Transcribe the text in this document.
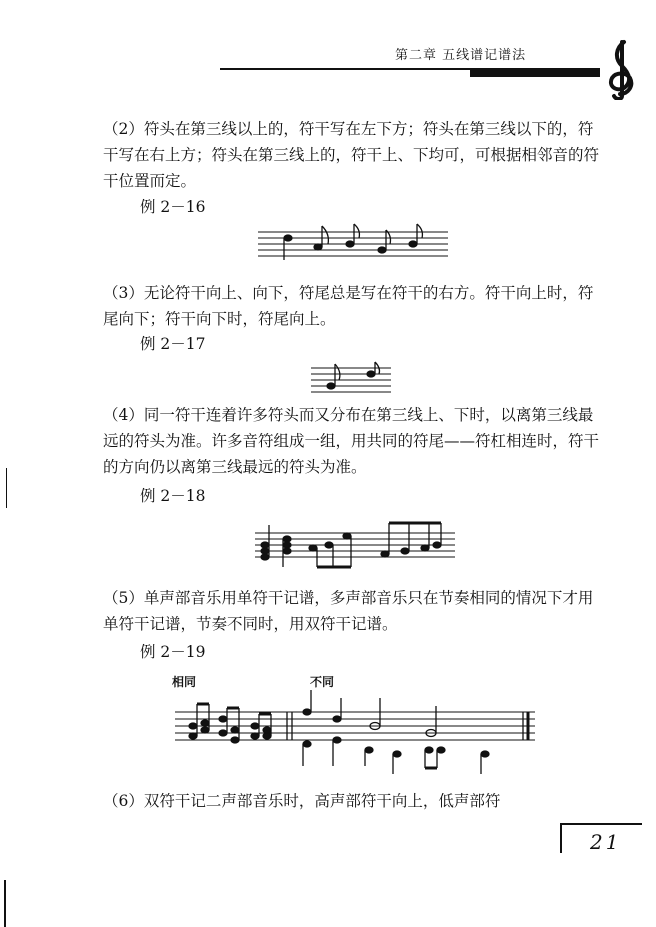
第二章 五线谱记谱法
（2）符头在第三线以上的，符干写在左下方；符头在第三线以下的，符干写在右上方；符头在第三线上的，符干上、下均可，可根据相邻音的符干位置而定。
例 2－16
（3）无论符干向上、向下，符尾总是写在符干的右方。符干向上时，符尾向下；符干向下时，符尾向上。
例 2－17
（4）同一符干连着许多符头而又分布在第三线上、下时，以离第三线最远的符头为准。许多音符组成一组，用共同的符尾——符杠相连时，符干的方向仍以离第三线最远的符头为准。
例 2－18
（5）单声部音乐用单符干记谱，多声部音乐只在节奏相同的情况下才用单符干记谱，节奏不同时，用双符干记谱。
例 2－19
相同	不同
（6）双符干记二声部音乐时，高声部符干向上，低声部符
21
